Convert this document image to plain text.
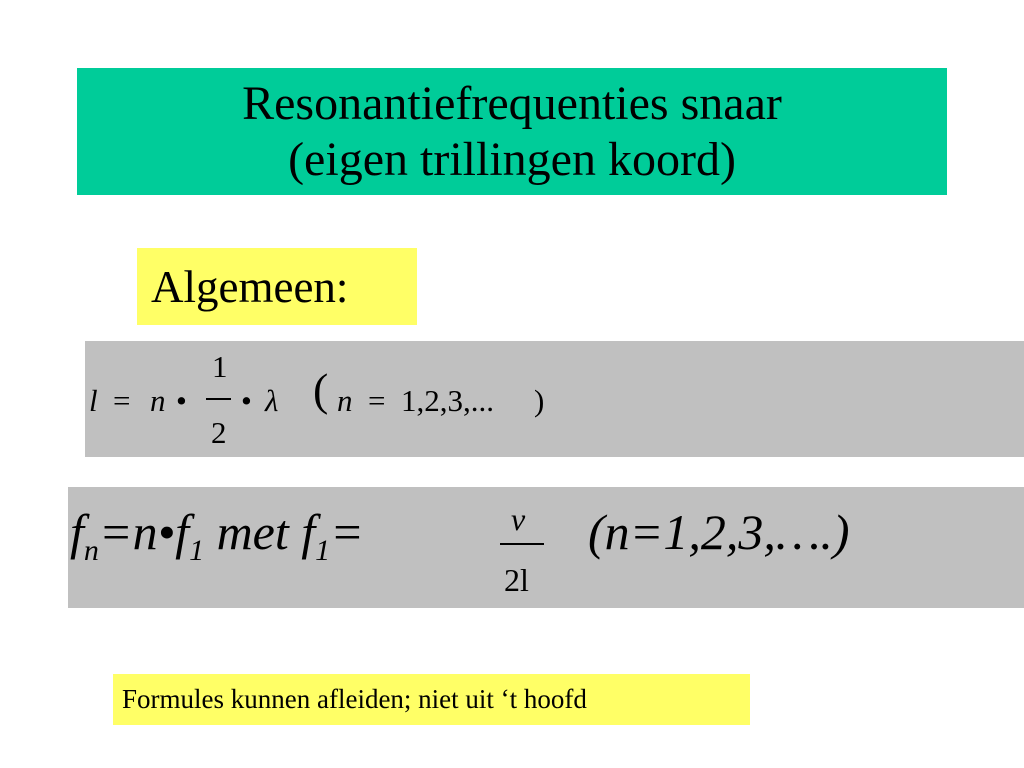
Resonantiefrequenties snaar
(eigen trillingen koord)
Algemeen:
l = n •
1
2
• λ ( n = 1,2,3,... )
$f_n=n•f_1$ met $f_1=$	v
2l
(n=1,2,3,….)
Formules kunnen afleiden; niet uit ‘t hoofd
